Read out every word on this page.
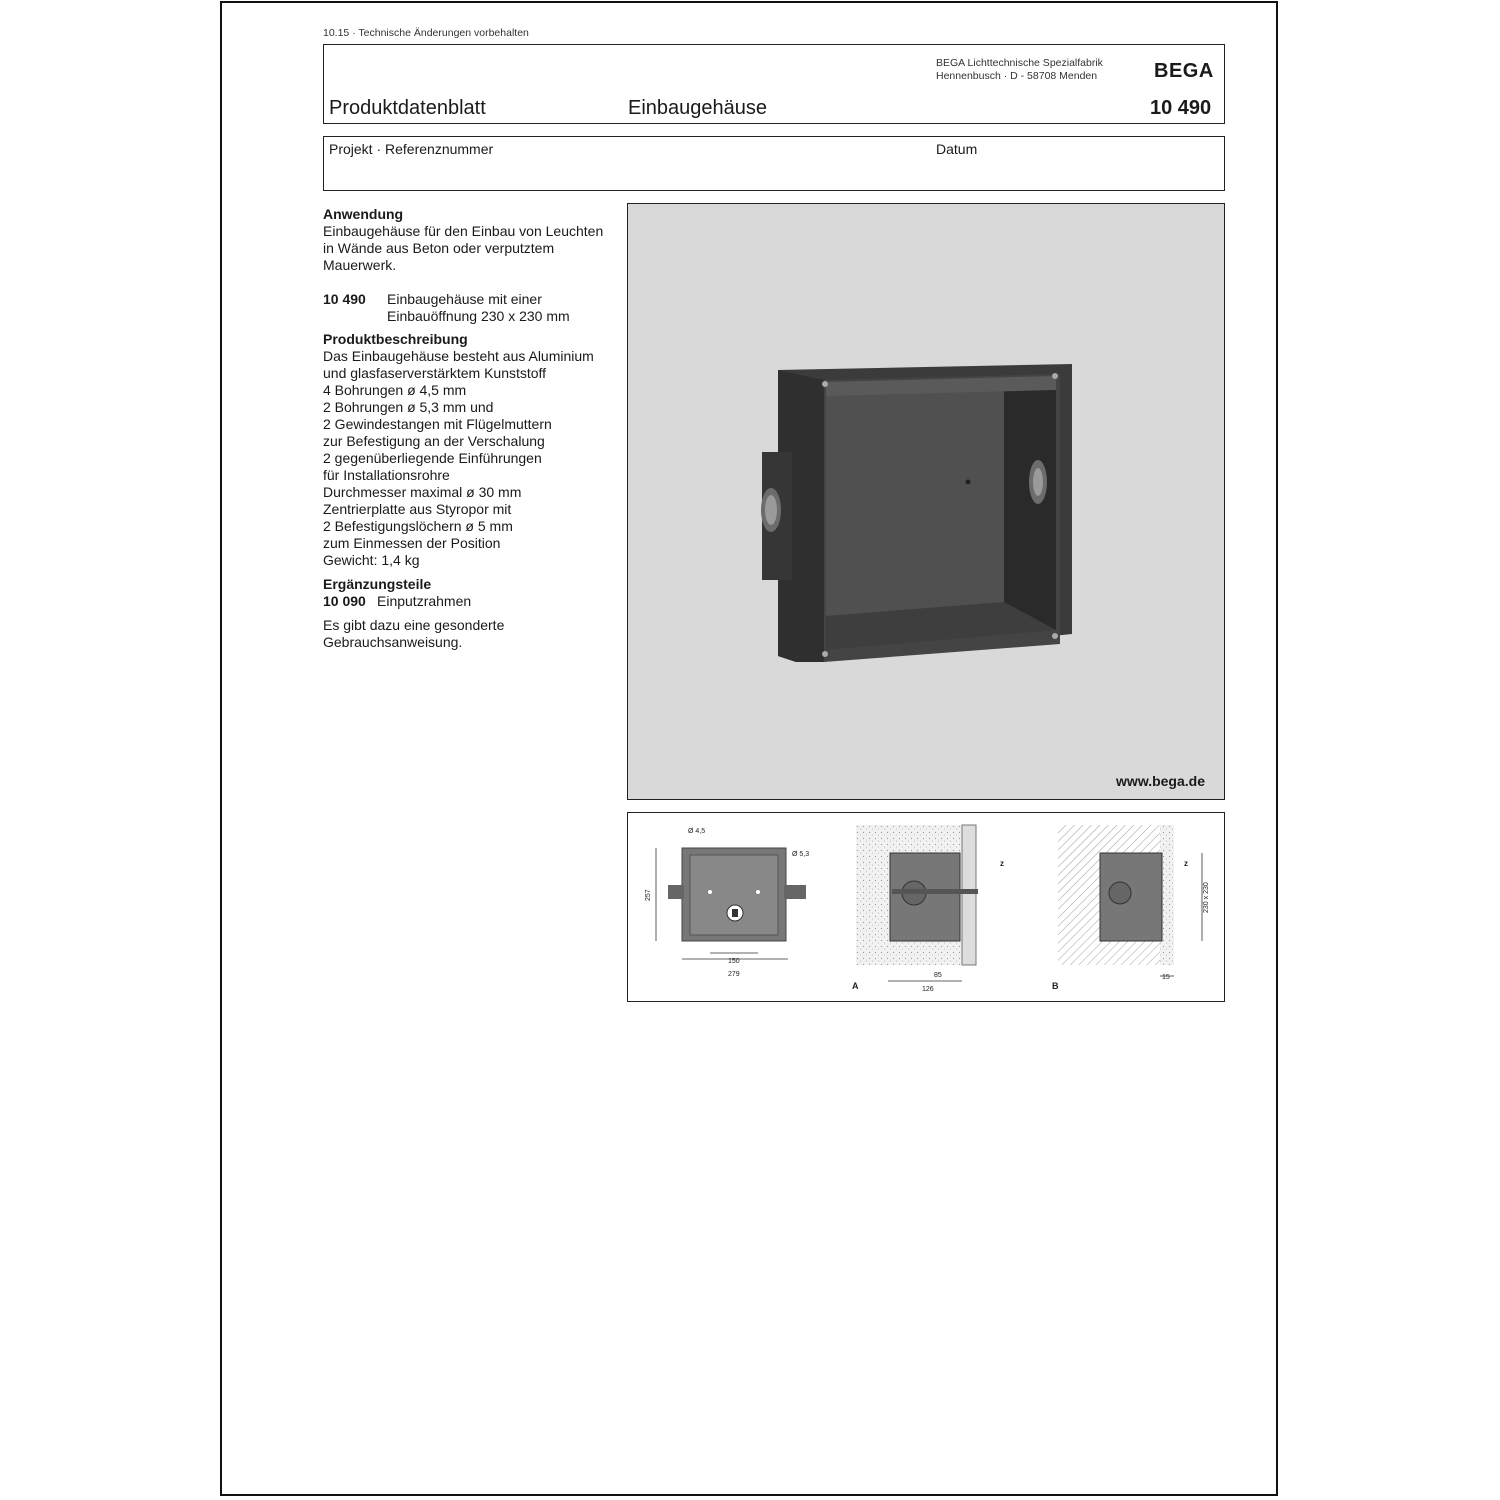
10.15 · Technische Änderungen vorbehalten
BEGA Lichttechnische Spezialfabrik
Hennenbusch · D - 58708 Menden	BEGA
Produktdatenblatt	Einbaugehäuse	10 490
Projekt · Referenznummer	Datum
Anwendung

Einbaugehäuse für den Einbau von Leuchten

in Wände aus Beton oder verputztem

Mauerwerk.

10 490	Einbaugehäuse mit einer
Einbauöffnung 230 x 230 mm
Produktbeschreibung

Das Einbaugehäuse besteht aus Aluminium

und glasfaserverstärktem Kunststoff

4 Bohrungen ø 4,5 mm

2 Bohrungen ø 5,3 mm und

2 Gewindestangen mit Flügelmuttern

zur Befestigung an der Verschalung

2 gegenüberliegende Einführungen

für Installationsrohre

Durchmesser maximal ø 30 mm

Zentrierplatte aus Styropor mit

2 Befestigungslöchern ø 5 mm

zum Einmessen der Position

Gewicht: 1,4 kg

Ergänzungsteile
10 090 Einputzrahmen

Es gibt dazu eine gesonderte

Gebrauchsanweisung.

www.bega.de
Ø 4,5
Ø 5,3
257
150
279
z
85
126
A
z
230 x 230
15
B
